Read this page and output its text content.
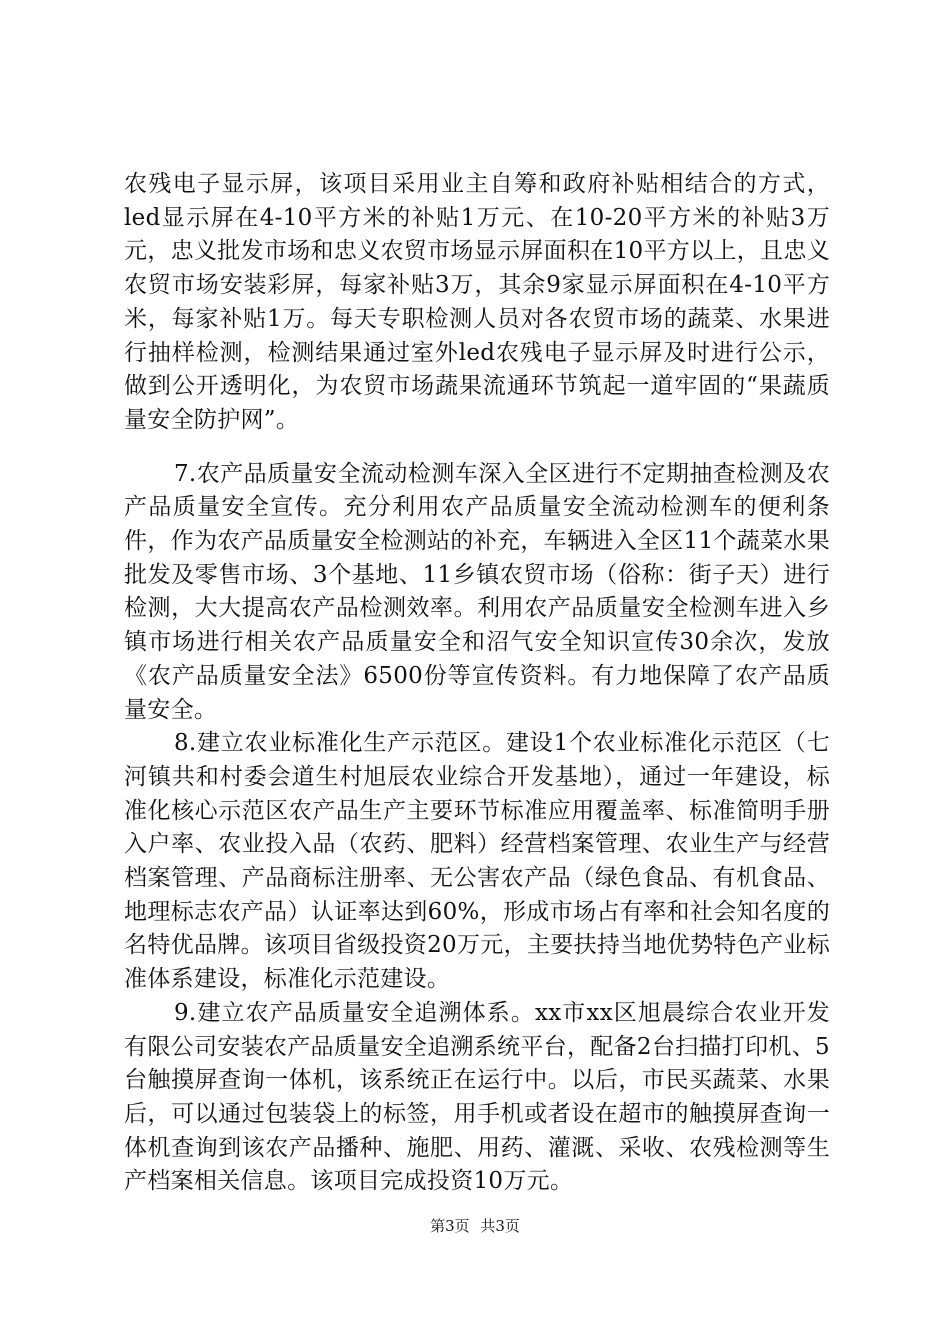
农残电子显示屏，该项目采用业主自筹和政府补贴相结合的方式，led显示屏在4-10平方米的补贴1万元、在10-20平方米的补贴3万元，忠义批发市场和忠义农贸市场显示屏面积在10平方以上，且忠义农贸市场安装彩屏，每家补贴3万，其余9家显示屏面积在4-10平方米，每家补贴1万。每天专职检测人员对各农贸市场的蔬菜、水果进行抽样检测，检测结果通过室外led农残电子显示屏及时进行公示，做到公开透明化，为农贸市场蔬果流通环节筑起一道牢固的“果蔬质量安全防护网”。

7.农产品质量安全流动检测车深入全区进行不定期抽查检测及农产品质量安全宣传。充分利用农产品质量安全流动检测车的便利条件，作为农产品质量安全检测站的补充，车辆进入全区11个蔬菜水果批发及零售市场、3个基地、11乡镇农贸市场（俗称：街子天）进行检测，大大提高农产品检测效率。利用农产品质量安全检测车进入乡镇市场进行相关农产品质量安全和沼气安全知识宣传30余次，发放《农产品质量安全法》6500份等宣传资料。有力地保障了农产品质量安全。

8.建立农业标准化生产示范区。建设1个农业标准化示范区（七河镇共和村委会道生村旭辰农业综合开发基地），通过一年建设，标准化核心示范区农产品生产主要环节标准应用覆盖率、标准简明手册入户率、农业投入品（农药、肥料）经营档案管理、农业生产与经营档案管理、产品商标注册率、无公害农产品（绿色食品、有机食品、地理标志农产品）认证率达到60%，形成市场占有率和社会知名度的名特优品牌。该项目省级投资20万元，主要扶持当地优势特色产业标准体系建设，标准化示范建设。

9.建立农产品质量安全追溯体系。xx市xx区旭晨综合农业开发有限公司安装农产品质量安全追溯系统平台，配备2台扫描打印机、5台触摸屏查询一体机，该系统正在运行中。以后，市民买蔬菜、水果后，可以通过包装袋上的标签，用手机或者设在超市的触摸屏查询一体机查询到该农产品播种、施肥、用药、灌溉、采收、农残检测等生产档案相关信息。该项目完成投资10万元。

第3页 共3页
